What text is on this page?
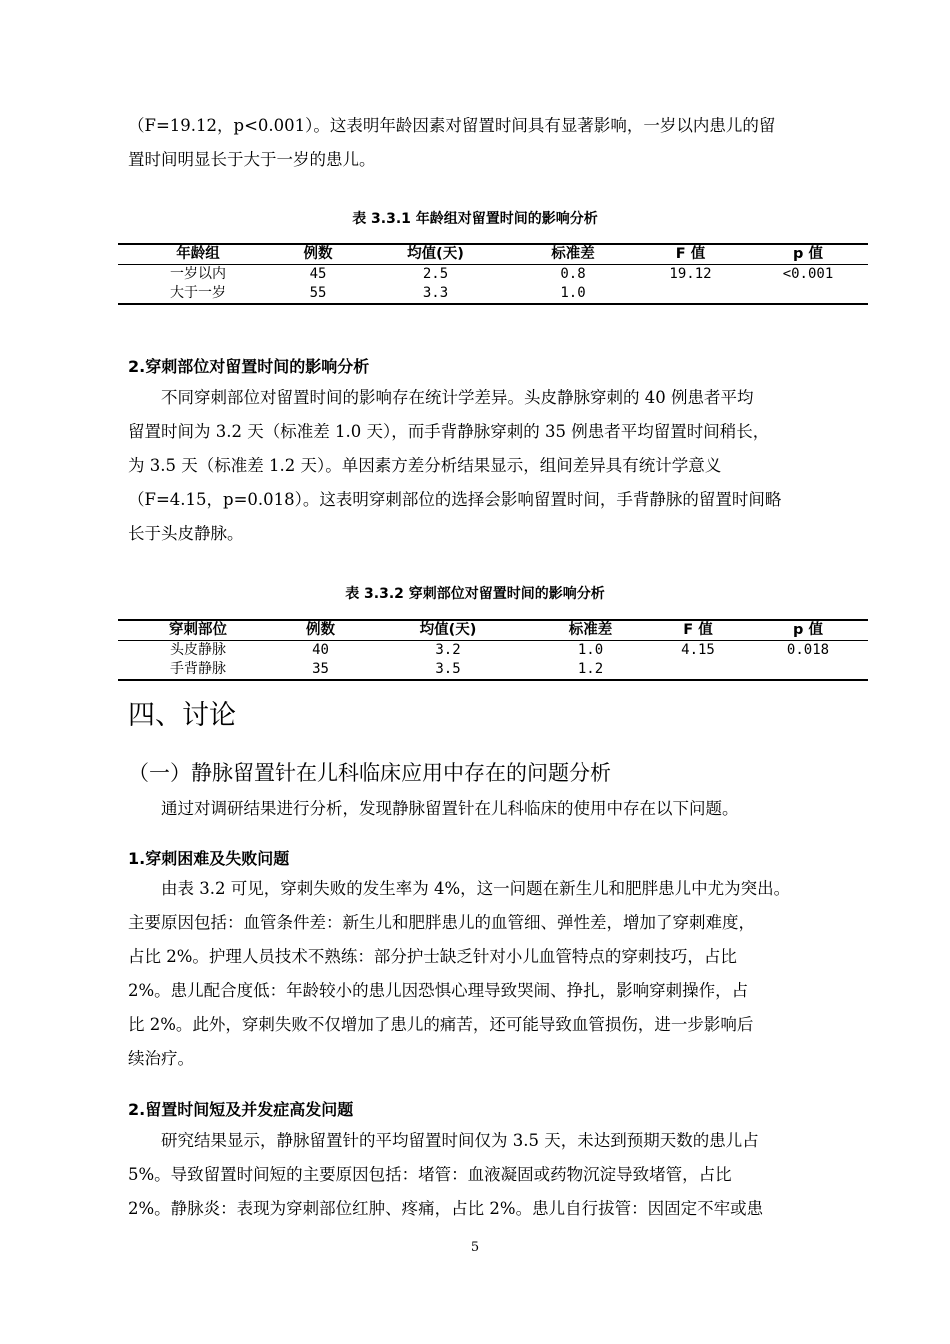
（F=19.12，p<0.001）。这表明年龄因素对留置时间具有显著影响，一岁以内患儿的留
置时间明显长于大于一岁的患儿。
表 3.3.1 年龄组对留置时间的影响分析
年龄组	例数	均值(天)	标准差	F 值	p 值
一岁以内	45	2.5	0.8	19.12	<0.001
大于一岁	55	3.3	1.0		
2.穿刺部位对留置时间的影响分析
不同穿刺部位对留置时间的影响存在统计学差异。头皮静脉穿刺的 40 例患者平均
留置时间为 3.2 天（标准差 1.0 天），而手背静脉穿刺的 35 例患者平均留置时间稍长，
为 3.5 天（标准差 1.2 天）。单因素方差分析结果显示，组间差异具有统计学意义
（F=4.15，p=0.018）。这表明穿刺部位的选择会影响留置时间，手背静脉的留置时间略
长于头皮静脉。
表 3.3.2 穿刺部位对留置时间的影响分析
穿刺部位	例数	均值(天)	标准差	F 值	p 值
头皮静脉	40	3.2	1.0	4.15	0.018
手背静脉	35	3.5	1.2		
四、讨论
（一）静脉留置针在儿科临床应用中存在的问题分析
通过对调研结果进行分析，发现静脉留置针在儿科临床的使用中存在以下问题。
1.穿刺困难及失败问题
由表 3.2 可见，穿刺失败的发生率为 4%，这一问题在新生儿和肥胖患儿中尤为突出。
主要原因包括：血管条件差：新生儿和肥胖患儿的血管细、弹性差，增加了穿刺难度，
占比 2%。护理人员技术不熟练：部分护士缺乏针对小儿血管特点的穿刺技巧，占比
2%。患儿配合度低：年龄较小的患儿因恐惧心理导致哭闹、挣扎，影响穿刺操作，占
比 2%。此外，穿刺失败不仅增加了患儿的痛苦，还可能导致血管损伤，进一步影响后
续治疗。
2.留置时间短及并发症高发问题
研究结果显示，静脉留置针的平均留置时间仅为 3.5 天，未达到预期天数的患儿占
5%。导致留置时间短的主要原因包括：堵管：血液凝固或药物沉淀导致堵管，占比
2%。静脉炎：表现为穿刺部位红肿、疼痛，占比 2%。患儿自行拔管：因固定不牢或患
5
